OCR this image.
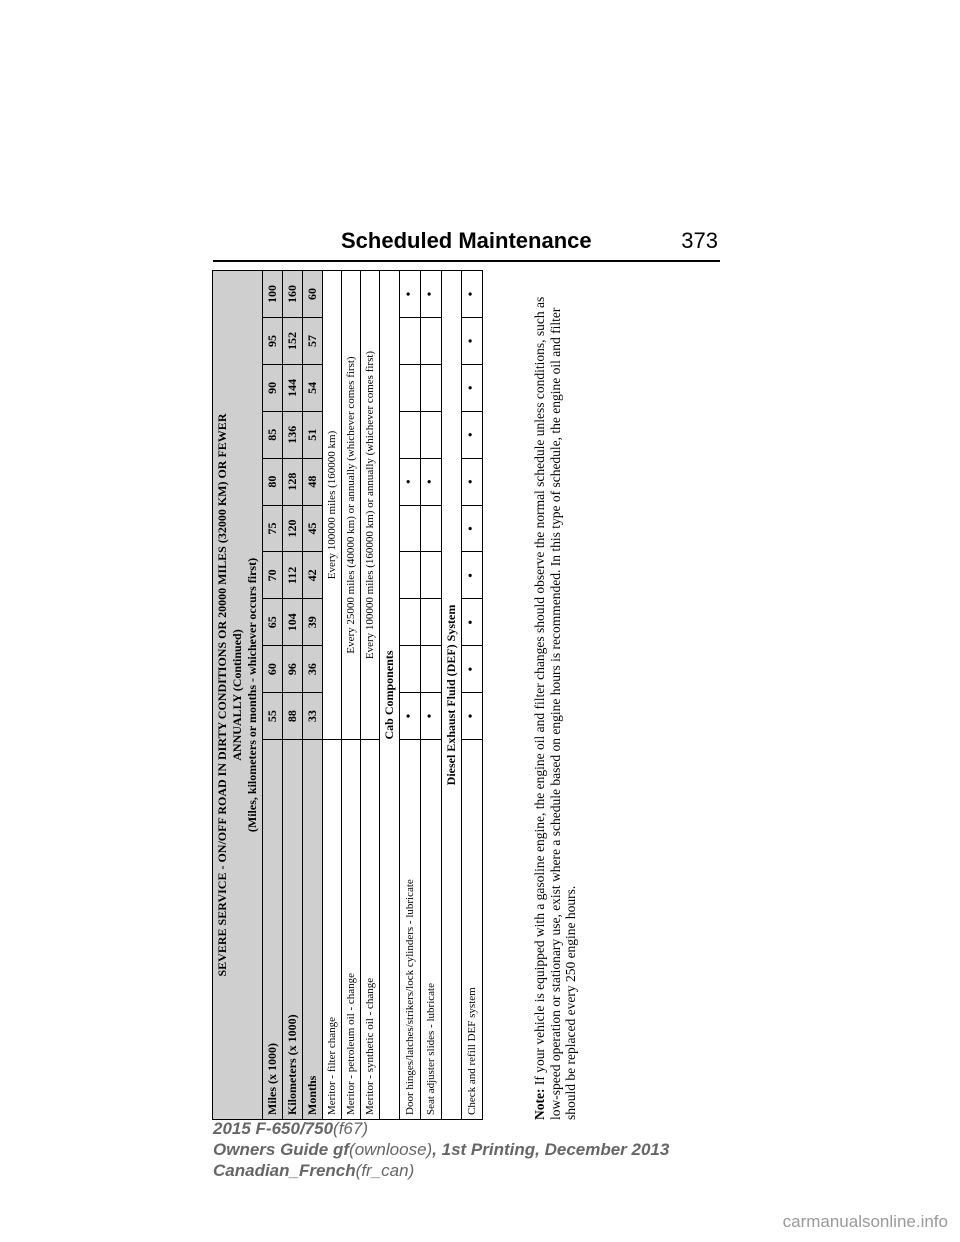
Scheduled Maintenance	373
SEVERE SERVICE - ON/OFF ROAD IN DIRTY CONDITIONS OR 20000 MILES (32000 KM) OR FEWER ANNUALLY (Continued) (Miles, kilometers or months - whichever occurs first)										

Miles (x 1000)	55	60	65	70	75	80	85	90	95	100
Kilometers (x 1000)	88	96	104	112	120	128	136	144	152	160
Months	33	36	39	42	45	48	51	54	57	60
Meritor - filter change	Every 100000 miles (160000 km)									
Meritor - petroleum oil - change	Every 25000 miles (40000 km) or annually (whichever comes first)									
Meritor - synthetic oil - change	Every 100000 miles (160000 km) or annually (whichever comes first)									
Cab Components										
Door hinges/latches/strikers/lock cylinders - lubricate	•					•				•
Seat adjuster slides - lubricate	•					•				•
Diesel Exhaust Fluid (DEF) System										
Check and refill DEF system	•	•	•	•	•	•	•	•	•	•
Note: If your vehicle is equipped with a gasoline engine, the engine oil and filter changes should observe the normal schedule unless conditions, such as low-speed operation or stationary use, exist where a schedule based on engine hours is recommended. In this type of schedule, the engine oil and filter should be replaced every 250 engine hours.
2015 F-650/750(f67)
Owners Guide gf(ownloose), 1st Printing, December 2013
Canadian_French(fr_can)
carmanualsonline.info
